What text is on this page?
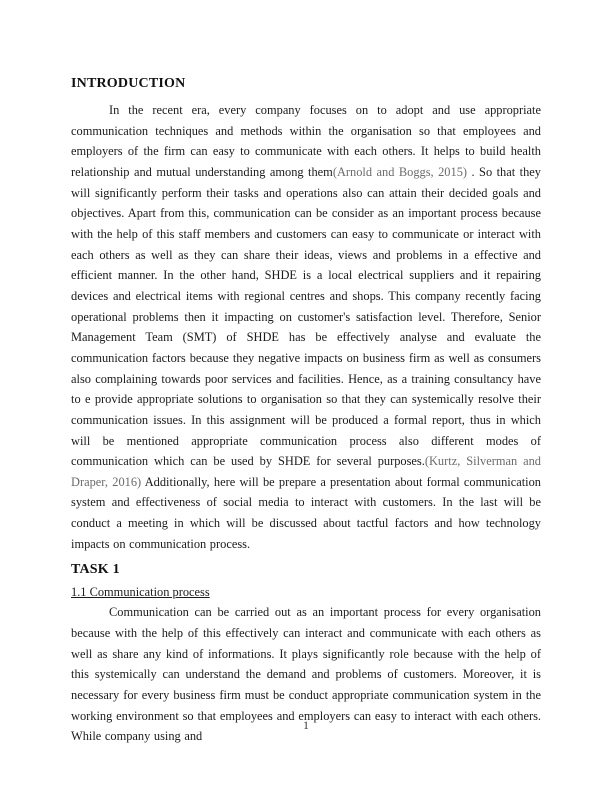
INTRODUCTION

In the recent era, every company focuses on to adopt and use appropriate communication techniques and methods within the organisation so that employees and employers of the firm can easy to communicate with each others. It helps to build health relationship and mutual understanding among them(Arnold and Boggs, 2015) . So that they will significantly perform their tasks and operations also can attain their decided goals and objectives. Apart from this, communication can be consider as an important process because with the help of this staff members and customers can easy to communicate or interact with each others as well as they can share their ideas, views and problems in a effective and efficient manner. In the other hand, SHDE is a local electrical suppliers and it repairing devices and electrical items with regional centres and shops. This company recently facing operational problems then it impacting on customer's satisfaction level. Therefore, Senior Management Team (SMT) of SHDE has be effectively analyse and evaluate the communication factors because they negative impacts on business firm as well as consumers also complaining towards poor services and facilities. Hence, as a training consultancy have to e provide appropriate solutions to organisation so that they can systemically resolve their communication issues. In this assignment will be produced a formal report, thus in which will be mentioned appropriate communication process also different modes of communication which can be used by SHDE for several purposes.(Kurtz, Silverman and Draper, 2016) Additionally, here will be prepare a presentation about formal communication system and effectiveness of social media to interact with customers. In the last will be conduct a meeting in which will be discussed about tactful factors and how technology impacts on communication process.

TASK 1
1.1 Communication process

Communication can be carried out as an important process for every organisation because with the help of this effectively can interact and communicate with each others as well as share any kind of informations. It plays significantly role because with the help of this systemically can understand the demand and problems of customers. Moreover, it is necessary for every business firm must be conduct appropriate communication system in the working environment so that employees and employers can easy to interact with each others. While company using and

1
